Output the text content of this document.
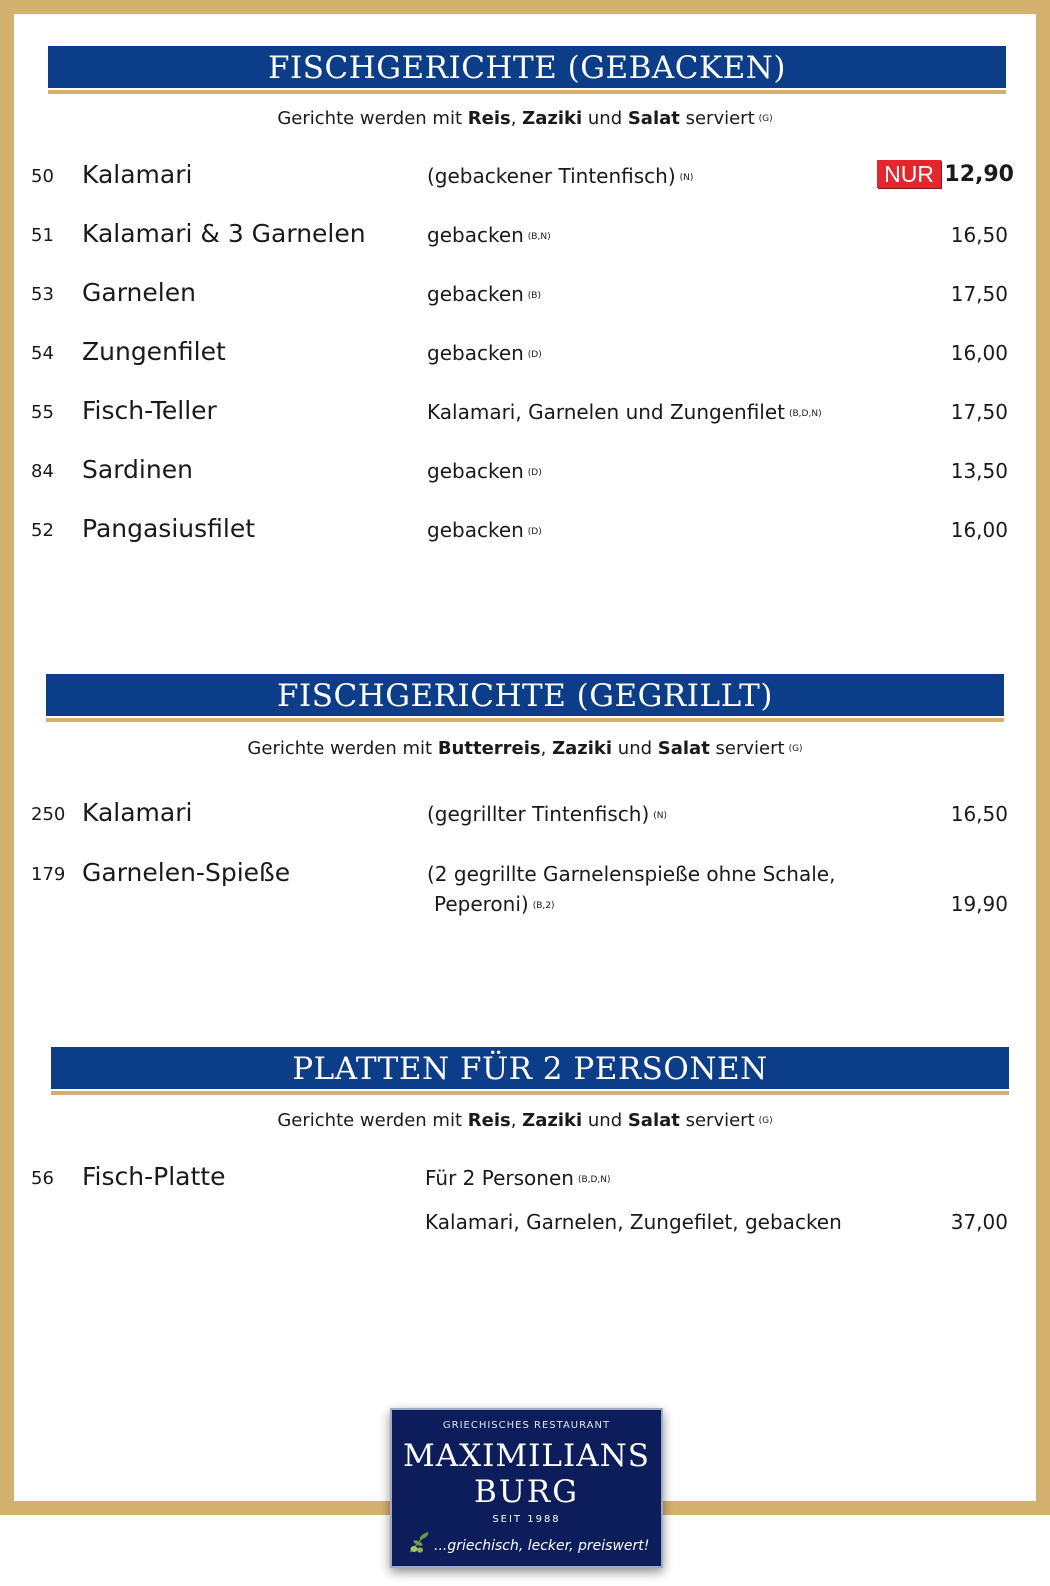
FISCHGERICHTE (GEBACKEN)
Gerichte werden mit Reis, Zaziki und Salat serviert (G)
50 Kalamari	(gebackener Tintenfisch) (N)	NUR 12,90
51 Kalamari & 3 Garnelen	gebacken (B,N)	16,50
53 Garnelen	gebacken (B)	17,50
54 Zungenfilet	gebacken (D)	16,00
55 Fisch-Teller	Kalamari, Garnelen und Zungenfilet (B,D,N)	17,50
84 Sardinen	gebacken (D)	13,50
52 Pangasiusfilet	gebacken (D)	16,00
FISCHGERICHTE (GEGRILLT)
Gerichte werden mit Butterreis, Zaziki und Salat serviert (G)
250 Kalamari	(gegrillter Tintenfisch) (N)	16,50
179 Garnelen-Spieße	(2 gegrillte Garnelenspieße ohne Schale,
Peperoni) (B,2)	19,90
PLATTEN FÜR 2 PERSONEN
Gerichte werden mit Reis, Zaziki und Salat serviert (G)
56 Fisch-Platte	Für 2 Personen (B,D,N)
Kalamari, Garnelen, Zungefilet, gebacken	37,00
GRIECHISCHES RESTAURANT
MAXIMILIANS
BURG
SEIT 1988
...griechisch, lecker, preiswert!
